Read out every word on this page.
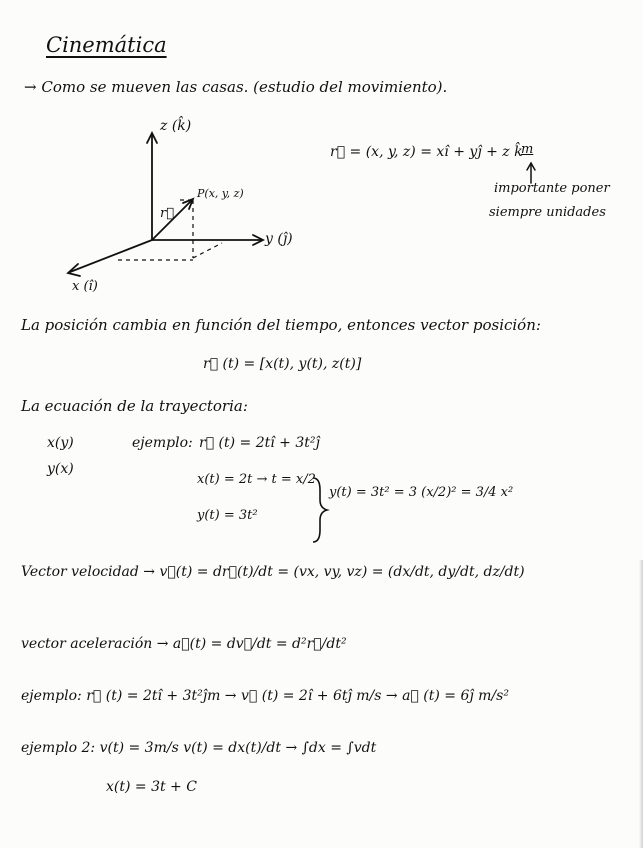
Cinemática
→ Como se mueven las casas. (estudio del movimiento).
z (k̂)
y (ĵ)
x (î)
P(x, y, z)
r⃗
r⃗ = (x, y, z) = xî + yĵ + z k̂
m
importante poner
siempre unidades
La posición cambia en función del tiempo, entonces vector posición:
r⃗ (t) = [x(t), y(t), z(t)]
La ecuación de la trayectoria:
x(y)
y(x)
ejemplo: r⃗ (t) = 2tî + 3t²ĵ
x(t) = 2t → t = x/2
y(t) = 3t²
y(t) = 3t² = 3 (x/2)² = 3/4 x²
Vector velocidad → v⃗(t) = dr⃗(t)/dt = (vx, vy, vz) = (dx/dt, dy/dt, dz/dt)
vector aceleración → a⃗(t) = dv⃗/dt = d²r⃗/dt²
ejemplo: r⃗ (t) = 2tî + 3t²ĵm → v⃗ (t) = 2î + 6tĵ m/s → a⃗ (t) = 6ĵ m/s²
ejemplo 2: v(t) = 3m/s v(t) = dx(t)/dt → ∫dx = ∫vdt
x(t) = 3t + C
